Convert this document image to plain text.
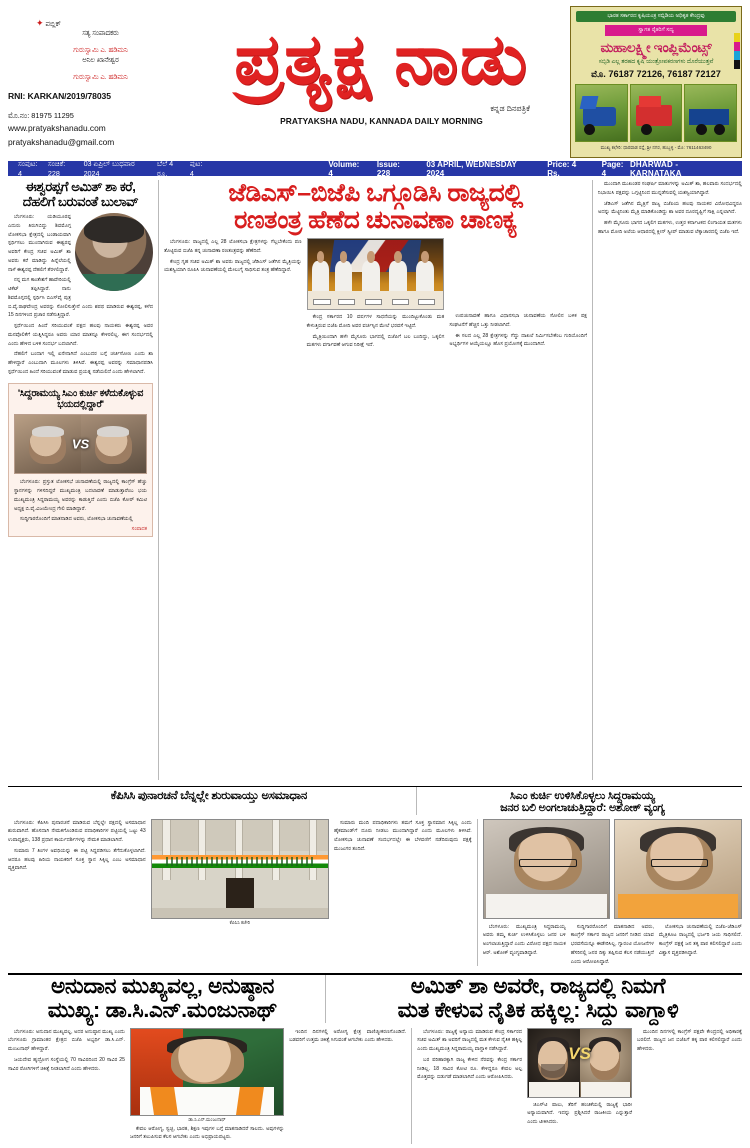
✦ ಪಬ್ಲಿಕ್
ಸತ್ಯ ಸಂಪಾದಕರು
ಗುರುಸ್ವಾಮಿ ಎ. ಹಡಿಮನಿ
ಅನಿಲ ಖಾನೇಶ್ವರ
ಗುರುಸ್ವಾಮಿ ಎ. ಹಡಿಮನಿ
RNI: KARKAN/2019/78035
ಮೊ.ನಂ: 81975 11295
www.pratyakshanadu.com
pratyakshanadu@gmail.com
ಪ್ರತ್ಯಕ್ಷ ನಾಡು
ಕನ್ನಡ ದಿನಪತ್ರಿಕೆ
PRATYAKSHA NADU, KANNADA DAILY MORNING
ಭಾರತ ಸರ್ಕಾರದ ಕೃಷಿಯಂತ್ರ ಸಬ್ಸಿಡಿಯ ಅಧಿಕೃತ ಕೇಂದ್ರವು
ಸ್ವಾಗತ ರೈತರಿಗೆ ಸದ್ಯ
ಮಹಾಲಕ್ಷ್ಮೀ ಇಂಪ್ಲಿಮೆಂಟ್ಸ್
ಸಬ್ಸಿಡಿ ಎಲ್ಲ ತರಹದ ಕೃಷಿ ಯಂತ್ರೋಪಕರಣಗಳು ದೊರೆಯುತ್ತವೆ
ಮೊ. 76187 72126, 76187 72127
ಮುಖ್ಯ ಕಛೇರಿ: ಧಾರವಾಡ ರಸ್ತೆ, ಶ್ರೀ ನಗರ, ಹುಬ್ಬಳ್ಳಿ - ಮೊ: 7611463490
ಸಂಪುಟ: 4

ಸಂಚಿಕೆ: 228

03 ಏಪ್ರಿಲ್ ಬುಧವಾರ 2024

ಬೆಲೆ 4 ರೂ.

ಪುಟ: 4
Volume: 4
Issue: 228
03 APRIL, WEDNESDAY 2024
Price: 4 Rs.
Page: 4
DHARWAD - KARNATAKA
ಈಶ್ವರಪ್ಪಗೆ ಅಮಿತ್ ಶಾ ಕರೆ, ದೆಹಲಿಗೆ ಬರುವಂತೆ ಬುಲಾವ್

ಬೆಂಗಳೂರು: ಯಡಿಯೂರಪ್ಪ ಎದುರು ತಿರುಗಿಬಿದ್ದು ಶಿವಮೊಗ್ಗ ಲೋಕಸಭಾ ಕ್ಷೇತ್ರದಲ್ಲಿ ಬಂಡಾಯವಾಗಿ ಸ್ಪರ್ಧಿಸಲು ಮುಂದಾಗಿರುವ ಈಶ್ವರಪ್ಪ ಅವರಿಗೆ ಕೇಂದ್ರ ಸಚಿವ ಅಮಿತ್ ಶಾ ಅವರು ಕರೆ ಮಾಡಿದ್ದು ಹಿನ್ನೆಲೆಯಲ್ಲಿ ನಾಳೆ ಈಶ್ವರಪ್ಪ ದೆಹಲಿಗೆ ತೆರಳಲಿದ್ದಾರೆ.

ನನ್ನ ಮಗ ಕಾಂತೇಶಗೆ ಹಾವೇರಿಯಲ್ಲಿ ಟಿಕೆಟ್ ತಪ್ಪಿಸಿದ್ದಾರೆ. ನಾನು ಶಿವಮೊಗ್ಗದಲ್ಲಿ ಸ್ಪರ್ಧಿಸಿ ಬಿಎಸ್‌ವೈ ಪುತ್ರ ಬಿ.ವೈ.ರಾಘವೇಂದ್ರ ಅವರನ್ನು ಸೋಲಿಸುತ್ತೇನೆ ಎಂದು ಶಪಥ ಮಾಡಿರುವ ಈಶ್ವರಪ್ಪ, ಕಳೆದ 15 ದಿನಗಳಿಂದ ಪ್ರಚಾರ ನಡೆಸುತ್ತಿದ್ದಾರೆ.

ಸ್ಪರ್ಧೆಯಿಂದ ಹಿಂದೆ ಸರಿಯುವಂತೆ ಪಕ್ಷದ ಹಲವು ನಾಯಕರು ಈಶ್ವರಪ್ಪ ಅವರ ಮನವೊಲಿಕೆಗೆ ಯತ್ನಿಸಿದ್ದರೂ ಅವರು ಯಾರ ಮಾತನ್ನೂ ಕೇಳಿರಲಿಲ್ಲ. ಈಗ ಸಂದರ್ಭದಲ್ಲಿ ಎಂದು ಹೇಳಿದ ಬಳಿಕ ಸಂದರ್ಭ ಬದಲಾಗಿದೆ.

ದೆಹಲಿಗೆ ಬಂದಾಗ ಇಲ್ಲಿ ಏನೇನಾಗಿದೆ ಎಂಬುದರ ಬಗ್ಗೆ ಚರ್ಚಿಸೋಣ ಎಂದು ಶಾ ಹೇಳಿದ್ದಾರೆ ಎಂಬುದಾಗಿ ಮೂಲಗಳು ತಿಳಿಸಿವೆ. ಈಶ್ವರಪ್ಪ ಅವರನ್ನು ಸಮಾಧಾನಪಡಿಸಿ ಸ್ಪರ್ಧೆಯಿಂದ ಹಿಂದೆ ಸರಿಯುವಂತೆ ಮಾಡುವ ಪ್ರಯತ್ನ ನಡೆಯಲಿದೆ ಎಂದು ಹೇಳಲಾಗಿದೆ.

'ಸಿದ್ದರಾಮಯ್ಯ ಸಿಎಂ ಕುರ್ಚಿ ಕಳೆದುಕೊಳ್ಳುವ ಭಯದಲ್ಲಿದ್ದಾರೆ'
VS

ಬೆಂಗಳೂರು: ಪ್ರಸ್ತುತ ಲೋಕಸಭೆ ಚುನಾವಣೆಯಲ್ಲಿ ರಾಜ್ಯದಲ್ಲಿ ಕಾಂಗ್ರೆಸ್ ಹೆಚ್ಚು ಸ್ಥಾನಗಳನ್ನು ಗಳಿಸದಿದ್ದರೆ ಮುಖ್ಯಮಂತ್ರಿ ಬದಲಾವಣೆ ಮಾಡುತ್ತಾರೆಂಬ ಭಯ ಮುಖ್ಯಮಂತ್ರಿ ಸಿದ್ದರಾಮಯ್ಯ ಅವರನ್ನು ಕಾಡುತ್ತಿದೆ ಎಂದು ಬಿಜೆಪಿ ಕೋರ್ ಕಮಿಟಿ ಅಧ್ಯಕ್ಷ ಬಿ.ವೈ.ವಿಜಯೇಂದ್ರ ಗೇಲಿ ಮಾಡಿದ್ದಾರೆ.

ಸುದ್ದಿಗಾರರೊಂದಿಗೆ ಮಾತನಾಡಿದ ಅವರು, ಲೋಕಸಭಾ ಚುನಾವಣೆಯಲ್ಲಿ

ಸಂಪಾದಕ
ಜೆಡಿಎಸ್‌–ಬಿಜೆಪಿ ಒಗ್ಗೂಡಿಸಿ ರಾಜ್ಯದಲ್ಲಿ
ರಣತಂತ್ರ ಹೆಣೆದ ಚುನಾವಣಾ ಚಾಣಕ್ಯ

ಬೆಂಗಳೂರು: ರಾಜ್ಯದಲ್ಲಿ ಎಲ್ಲ 28 ಲೋಕಸಭಾ ಕ್ಷೇತ್ರಗಳನ್ನು ಗೆಲ್ಲಬೇಕೆಂದು ಪಣ ತೊಟ್ಟಿರುವ ಬಿಜೆಪಿ ತನ್ನ ಚುನಾವಣಾ ರಣತಂತ್ರವನ್ನು ಹೆಣೆದಿದೆ.

ಕೇಂದ್ರ ಗೃಹ ಸಚಿವ ಅಮಿತ್ ಶಾ ಅವರು ರಾಜ್ಯದಲ್ಲಿ ಜೆಡಿಎಸ್ ಜತೆಗಿನ ಮೈತ್ರಿಯನ್ನು ಯಶಸ್ವಿಯಾಗಿ ರೂಪಿಸಿ ಚುನಾವಣೆಯಲ್ಲಿ ಮೇಲುಗೈ ಸಾಧಿಸುವ ತಂತ್ರ ಹೆಣೆದಿದ್ದಾರೆ.

ಕೇಂದ್ರ ಸರ್ಕಾರದ 10 ವರ್ಷಗಳ ಸಾಧನೆಯನ್ನು ಮುಂದಿಟ್ಟುಕೊಂಡು ಮತ ಕೇಳುತ್ತಿರುವ ಬಿಜೆಪಿ ಮೋದಿ ಅವರ ವರ್ಚಸ್ಸಿನ ಮೇಲೆ ಭರವಸೆ ಇಟ್ಟಿದೆ.

ಮೈತ್ರಿಯಿಂದಾಗಿ ಹಳೇ ಮೈಸೂರು ಭಾಗದಲ್ಲಿ ಬಿಜೆಪಿಗೆ ಬಲ ಬಂದಿದ್ದು, ಒಕ್ಕಲಿಗ ಮತಗಳು ವರ್ಗಾವಣೆ ಆಗುವ ನಿರೀಕ್ಷೆ ಇದೆ.

ಉಪಚುನಾವಣೆ ಹಾಗೂ ವಿಧಾನಸಭಾ ಚುನಾವಣೆಯ ಸೋಲಿನ ಬಳಿಕ ಪಕ್ಷ ಸಂಘಟನೆಗೆ ಹೆಚ್ಚಿನ ಒತ್ತು ನೀಡಲಾಗಿದೆ.

ಈ ಸಲದ ಎಲ್ಲ 28 ಕ್ಷೇತ್ರಗಳನ್ನು ಗೆದ್ದು ದಾಖಲೆ ನಿರ್ಮಿಸಬೇಕೆಂಬ ಗುರಿಯೊಂದಿಗೆ ಅಭ್ಯರ್ಥಿಗಳ ಆಯ್ಕೆಯಲ್ಲೂ ಹೊಸ ಪ್ರಯೋಗಕ್ಕೆ ಮುಂದಾಗಿದೆ.

ಮುಂದಾಗಿ ಮುಖಂಡರ ಸಂಘರ್ಷಿ ಮಾತುಗಳನ್ನು ಅಮಿತ್ ಶಾ, ಹಲವಾರು ಸಂದರ್ಭದಲ್ಲಿ ನಿಭಾಯಿಸಿ ಪಕ್ಷವನ್ನು ಒಗ್ಗಟ್ಟಿನಿಂದ ಮುನ್ನಡೆಸುವಲ್ಲಿ ಯಶಸ್ವಿಯಾಗಿದ್ದಾರೆ.

ಜೆಡಿಎಸ್ ಜತೆಗಿನ ಮೈತ್ರಿಗೆ ರಾಜ್ಯ ಬಿಜೆಪಿಯ ಹಲವು ನಾಯಕರ ವಿರೋಧವಿದ್ದರೂ ಅದನ್ನು ಮೆಟ್ಟಿನಿಂತು ಮೈತ್ರಿ ಮಾಡಿಕೊಂಡಿದ್ದು ಶಾ ಅವರ ದೂರದೃಷ್ಟಿಗೆ ಸಾಕ್ಷಿ ಎನ್ನಲಾಗಿದೆ.

ಹಳೇ ಮೈಸೂರು ಭಾಗದ ಒಕ್ಕಲಿಗ ಮತಗಳು, ಉತ್ತರ ಕರ್ನಾಟಕದ ಲಿಂಗಾಯತ ಮತಗಳು ಹಾಗೂ ಮೋದಿ ಅಲೆಯ ಆಧಾರದಲ್ಲಿ ಕ್ಲೀನ್ ಸ್ವೀಪ್ ಮಾಡುವ ಲೆಕ್ಕಾಚಾರದಲ್ಲಿ ಬಿಜೆಪಿ ಇದೆ.

ಕೆಪಿಸಿಸಿ ಪುನಾರಚನೆ ಬೆನ್ನಲ್ಲೇ ಶುರುವಾಯ್ತು ಅಸಮಾಧಾನ	ಸಿಎಂ ಕುರ್ಚಿ ಉಳಿಸಿಕೊಳ್ಳಲು ಸಿದ್ದರಾಮಯ್ಯ
ಜನರ ಬಲಿ ಅಂಗಲಾಚುತ್ತಿದ್ದಾರೆ: ಅಶೋಕ್ ವ್ಯಂಗ್ಯ

ಬೆಂಗಳೂರು: ಕೆಪಿಸಿಸಿ ಪುನಾರಚನೆ ಮಾಡಿರುವ ಬೆನ್ನಲ್ಲೇ ಪಕ್ಷದಲ್ಲಿ ಅಸಮಾಧಾನ ಶುರುವಾಗಿದೆ. ಹೊಸದಾಗಿ ನೇಮಕಗೊಂಡಿರುವ ಪದಾಧಿಕಾರಿಗಳ ಪಟ್ಟಿಯಲ್ಲಿ ಒಟ್ಟು 43 ಉಪಾಧ್ಯಕ್ಷರು, 138 ಪ್ರಧಾನ ಕಾರ್ಯದರ್ಶಿಗಳನ್ನು ನೇಮಕ ಮಾಡಲಾಗಿದೆ.

ಸುಮಾರು 7 ತಿಂಗಳ ಅವಧಿಯನ್ನು ಈ ಪಟ್ಟಿ ಸಿದ್ಧಪಡಿಸಲು ತೆಗೆದುಕೊಳ್ಳಲಾಗಿದೆ. ಆದರೂ ಹಲವು ಹಿರಿಯ ನಾಯಕರಿಗೆ ಸೂಕ್ತ ಸ್ಥಾನ ಸಿಕ್ಕಿಲ್ಲ ಎಂಬ ಅಸಮಾಧಾನ ವ್ಯಕ್ತವಾಗಿದೆ.

ಕೆಪಿಸಿಸಿ ಕಚೇರಿ

ಸುಮಾರು ಮಂದಿ ಪದಾಧಿಕಾರಿಗಳು ತಮಗೆ ಸೂಕ್ತ ಸ್ಥಾನಮಾನ ಸಿಕ್ಕಿಲ್ಲ ಎಂದು ಹೈಕಮಾಂಡ್‌ಗೆ ದೂರು ನೀಡಲು ಮುಂದಾಗಿದ್ದಾರೆ ಎಂದು ಮೂಲಗಳು ತಿಳಿಸಿವೆ. ಲೋಕಸಭಾ ಚುನಾವಣೆ ಸಂದರ್ಭದಲ್ಲೇ ಈ ಬೆಳವಣಿಗೆ ನಡೆದಿರುವುದು ಪಕ್ಷಕ್ಕೆ ಮುಜುಗರ ತಂದಿದೆ.

ಬೆಂಗಳೂರು: ಮುಖ್ಯಮಂತ್ರಿ ಸಿದ್ದರಾಮಯ್ಯ ಅವರು ತಮ್ಮ ಕುರ್ಚಿ ಉಳಿಸಿಕೊಳ್ಳಲು ಜನರ ಬಳಿ ಅಂಗಲಾಚುತ್ತಿದ್ದಾರೆ ಎಂದು ವಿರೋಧ ಪಕ್ಷದ ನಾಯಕ ಆರ್. ಅಶೋಕ್ ವ್ಯಂಗ್ಯವಾಡಿದ್ದಾರೆ.

ಸುದ್ದಿಗಾರರೊಂದಿಗೆ ಮಾತನಾಡಿದ ಅವರು, ಕಾಂಗ್ರೆಸ್ ಸರ್ಕಾರ ರಾಜ್ಯದ ಜನರಿಗೆ ನೀಡಿದ ಯಾವ ಭರವಸೆಯನ್ನೂ ಈಡೇರಿಸಿಲ್ಲ. ಗ್ಯಾರಂಟಿ ಯೋಜನೆಗಳ ಹೆಸರಿನಲ್ಲಿ ಜನರ ದಿಕ್ಕು ತಪ್ಪಿಸುವ ಕೆಲಸ ನಡೆಯುತ್ತಿದೆ ಎಂದು ಆರೋಪಿಸಿದ್ದಾರೆ.

ಲೋಕಸಭಾ ಚುನಾವಣೆಯಲ್ಲಿ ಬಿಜೆಪಿ-ಜೆಡಿಎಸ್ ಮೈತ್ರಿಕೂಟ ರಾಜ್ಯದಲ್ಲಿ ಭರ್ಜರಿ ಜಯ ಸಾಧಿಸಲಿದೆ. ಕಾಂಗ್ರೆಸ್ ಪಕ್ಷಕ್ಕೆ ಜನ ತಕ್ಕ ಪಾಠ ಕಲಿಸಲಿದ್ದಾರೆ ಎಂದು ವಿಶ್ವಾಸ ವ್ಯಕ್ತಪಡಿಸಿದ್ದಾರೆ.

ಅನುದಾನ ಮುಖ್ಯವಲ್ಲ, ಅನುಷ್ಠಾನ
ಮುಖ್ಯ: ಡಾ.ಸಿ.ಎನ್.ಮಂಜುನಾಥ್
ಅಮಿತ್ ಶಾ ಅವರೇ, ರಾಜ್ಯದಲ್ಲಿ ನಿಮಗೆ
ಮತ ಕೇಳುವ ನೈತಿಕ ಹಕ್ಕಿಲ್ಲ: ಸಿದ್ದು ವಾಗ್ದಾಳಿ

ಬೆಂಗಳೂರು: ಅನುದಾನ ಮುಖ್ಯವಲ್ಲ, ಅದರ ಅನುಷ್ಠಾನ ಮುಖ್ಯ ಎಂದು ಬೆಂಗಳೂರು ಗ್ರಾಮಾಂತರ ಕ್ಷೇತ್ರದ ಬಿಜೆಪಿ ಅಭ್ಯರ್ಥಿ ಡಾ.ಸಿ.ಎನ್. ಮಂಜುನಾಥ್ ಹೇಳಿದ್ದಾರೆ.

ಜಯದೇವ ಹೃದ್ರೋಗ ಸಂಸ್ಥೆಯಲ್ಲಿ 70 ಸಾವಿರದಿಂದ 20 ಸಾವಿರ 25 ಸಾವಿರ ರೋಗಿಗಳಿಗೆ ಚಿಕಿತ್ಸೆ ನೀಡಲಾಗಿದೆ ಎಂದು ಹೇಳಿದರು.

ಡಾ.ಸಿ.ಎನ್.ಮಂಜುನಾಥ್

ಕೇವಲ ಆರೋಗ್ಯ, ಸ್ವಚ್ಛ, ಭಾರತ, ಶಿಕ್ಷಣ ಇವುಗಳ ಬಗ್ಗೆ ಮಾತನಾಡಿದರೆ ಸಾಲದು. ಅವುಗಳನ್ನು ಜನರಿಗೆ ತಲುಪಿಸುವ ಕೆಲಸ ಆಗಬೇಕು ಎಂದು ಅಭಿಪ್ರಾಯಪಟ್ಟರು.

ಇಂದಿನ ದಿನಗಳಲ್ಲಿ ಅರೋಗ್ಯ ಕ್ಷೇತ್ರ ವಾಣಿಜ್ಯೀಕರಣಗೊಂಡಿದೆ. ಬಡವರಿಗೆ ಉತ್ತಮ ಚಿಕಿತ್ಸೆ ಸಿಗುವಂತೆ ಆಗಬೇಕು ಎಂದು ಹೇಳಿದರು.

ಬೆಂಗಳೂರು: ರಾಜ್ಯಕ್ಕೆ ಅನ್ಯಾಯ ಮಾಡಿರುವ ಕೇಂದ್ರ ಸರ್ಕಾರದ ಸಚಿವ ಅಮಿತ್ ಶಾ ಅವರಿಗೆ ರಾಜ್ಯದಲ್ಲಿ ಮತ ಕೇಳುವ ನೈತಿಕ ಹಕ್ಕಿಲ್ಲ ಎಂದು ಮುಖ್ಯಮಂತ್ರಿ ಸಿದ್ದರಾಮಯ್ಯ ವಾಗ್ದಾಳಿ ನಡೆಸಿದ್ದಾರೆ.

ಬರ ಪರಿಹಾರಕ್ಕಾಗಿ ರಾಜ್ಯ ಕೇಳಿದ ನೆರವನ್ನು ಕೇಂದ್ರ ಸರ್ಕಾರ ನೀಡಿಲ್ಲ. 18 ಸಾವಿರ ಕೋಟಿ ರೂ. ಕೇಳಿದ್ದರೂ ಕೇವಲ ಅಲ್ಪ ಮೊತ್ತವನ್ನು ಬಿಡುಗಡೆ ಮಾಡಲಾಗಿದೆ ಎಂದು ಆರೋಪಿಸಿದರು.

VS

ಜಿಎಸ್‌ಟಿ ಪಾಲು, ತೆರಿಗೆ ಹಂಚಿಕೆಯಲ್ಲಿ ರಾಜ್ಯಕ್ಕೆ ಭಾರೀ ಅನ್ಯಾಯವಾಗಿದೆ. ಇದನ್ನು ಪ್ರಶ್ನಿಸಿದರೆ ರಾಜಕೀಯ ಎನ್ನುತ್ತಾರೆ ಎಂದು ಟೀಕಿಸಿದರು.

ಮುಂದಿನ ದಿನಗಳಲ್ಲಿ ಕಾಂಗ್ರೆಸ್ ಪಕ್ಷವೇ ಕೇಂದ್ರದಲ್ಲಿ ಅಧಿಕಾರಕ್ಕೆ ಬರಲಿದೆ. ರಾಜ್ಯದ ಜನ ಬಿಜೆಪಿಗೆ ತಕ್ಕ ಪಾಠ ಕಲಿಸಲಿದ್ದಾರೆ ಎಂದು ಹೇಳಿದರು.
